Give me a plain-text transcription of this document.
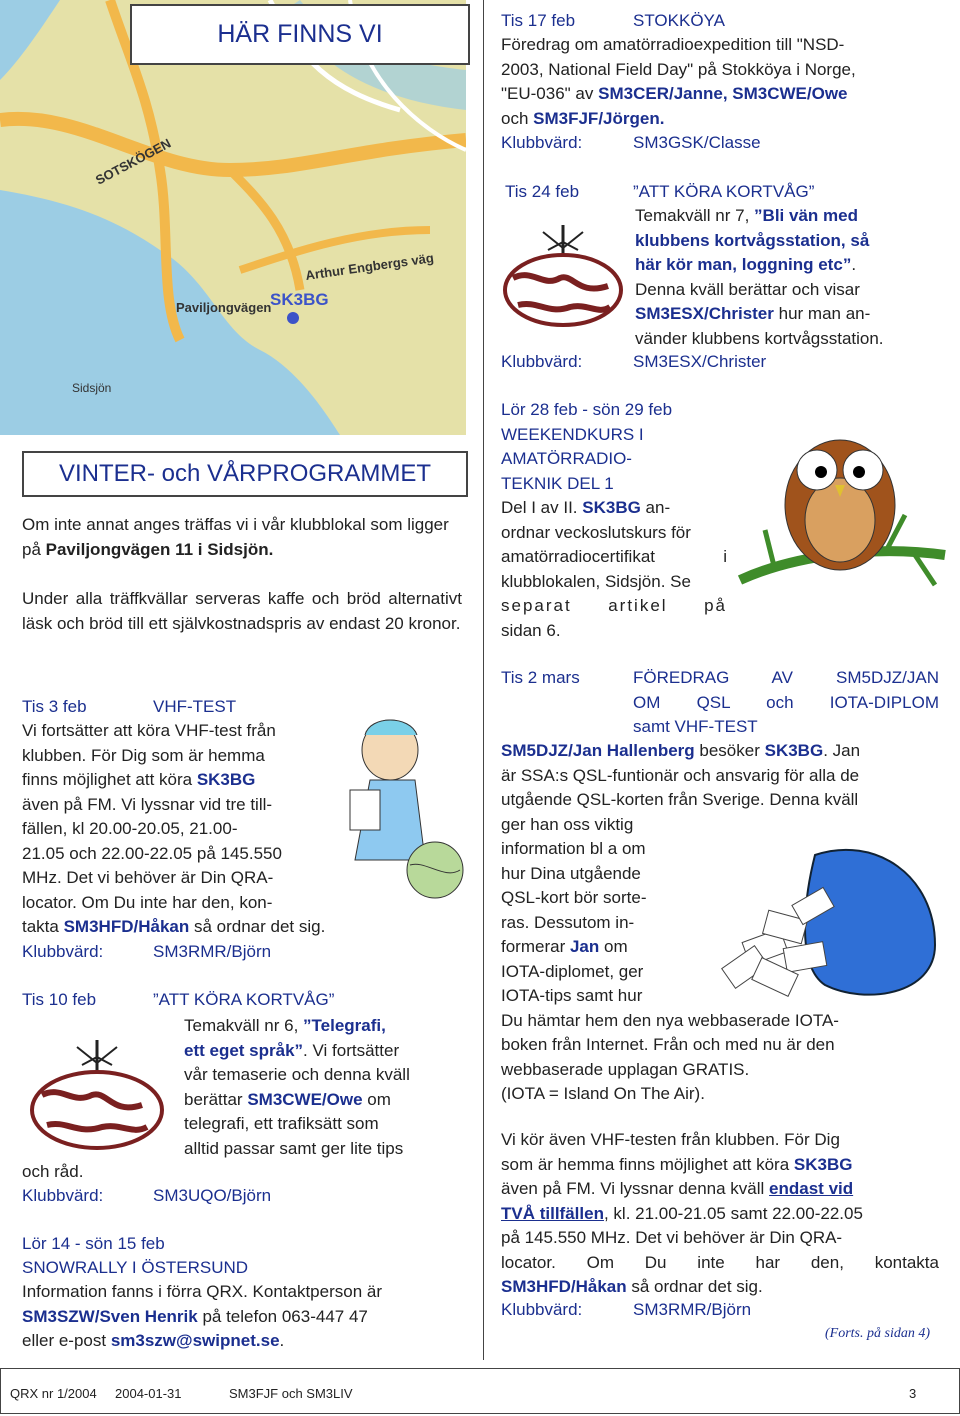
SOTSKÖGEN
Arthur Engbergs väg
SK3BG
Paviljongvägen
Sidsjön
HÄR FINNS VI
VINTER- och VÅRPROGRAMMET
Om inte annat anges träffas vi i vår klubblokal som ligger på Paviljongvägen 11 i Sidsjön.
Under alla träffkvällar serveras kaffe och bröd alternativt läsk och bröd till ett självkostnadspris av endast 20 kronor.
Tis 3 feb	VHF-TEST
Vi fortsätter att köra VHF-test från
klubben. För Dig som är hemma
finns möjlighet att köra SK3BG
även på FM. Vi lyssnar vid tre till-
fällen, kl 20.00-20.05, 21.00-
21.05 och 22.00-22.05 på 145.550
MHz. Det vi behöver är Din QRA-
locator. Om Du inte har den, kon-
takta SM3HFD/Håkan så ordnar det sig.
Klubbvärd:	SM3RMR/Björn
Tis 10 feb	”ATT KÖRA KORTVÅG”
Temakväll nr 6, ”Telegrafi,
ett eget språk”. Vi fortsätter
vår temaserie och denna kväll
berättar SM3CWE/Owe om
telegrafi, ett trafiksätt som
alltid passar samt ger lite tips
och råd.
Klubbvärd:	SM3UQO/Björn
Lör 14 - sön 15 feb
SNOWRALLY I ÖSTERSUND
Information fanns i förra QRX. Kontaktperson är
SM3SZW/Sven Henrik på telefon 063-447 47
eller e-post sm3szw@swipnet.se.
Tis 17 feb	STOKKÖYA
Föredrag om amatörradioexpedition till "NSD-
2003, National Field Day" på Stokköya i Norge,
"EU-036" av SM3CER/Janne, SM3CWE/Owe
och SM3FJF/Jörgen.
Klubbvärd:	SM3GSK/Classe
Tis 24 feb	”ATT KÖRA KORTVÅG”
Temakväll nr 7, ”Bli vän med
klubbens kortvågsstation, så
här kör man, loggning etc”.
Denna kväll berättar och visar
SM3ESX/Christer hur man an-
vänder klubbens kortvågsstation.
Klubbvärd:	SM3ESX/Christer
Lör 28 feb - sön 29 feb
WEEKENDKURS I
AMATÖRRADIO-
TEKNIK DEL 1
Del I av II. SK3BG an-
ordnar veckoslutskurs för
amatörradiocertifikat i
klubblokalen, Sidsjön. Se
separat artikel på
sidan 6.
Tis 2 mars	FÖREDRAG AV SM5DJZ/JAN
OM QSL och IOTA-DIPLOM
samt VHF-TEST
SM5DJZ/Jan Hallenberg besöker SK3BG. Jan
är SSA:s QSL-funtionär och ansvarig för alla de
utgående QSL-korten från Sverige. Denna kväll
ger han oss viktig
information bl a om
hur Dina utgående
QSL-kort bör sorte-
ras. Dessutom in-
formerar Jan om
IOTA-diplomet, ger
IOTA-tips samt hur
Du hämtar hem den nya webbaserade IOTA-
boken från Internet. Från och med nu är den
webbaserade upplagan GRATIS.
(IOTA = Island On The Air).
Vi kör även VHF-testen från klubben. För Dig
som är hemma finns möjlighet att köra SK3BG
även på FM. Vi lyssnar denna kväll endast vid
TVÅ tillfällen, kl. 21.00-21.05 samt 22.00-22.05
på 145.550 MHz. Det vi behöver är Din QRA-
locator. Om Du inte har den, kontakta
SM3HFD/Håkan så ordnar det sig.
Klubbvärd:	SM3RMR/Björn
(Forts. på sidan 4)
QRX nr 1/2004 2004-01-31	SM3FJF och SM3LIV	3
